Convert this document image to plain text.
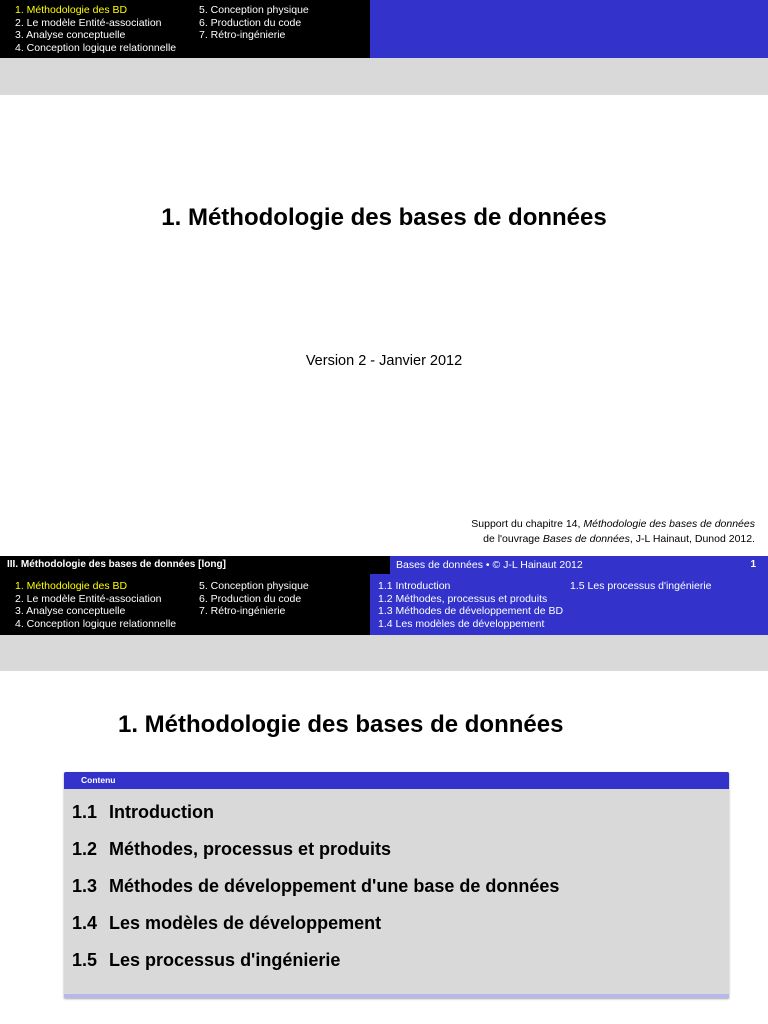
1. Méthodologie des BD
2. Le modèle Entité-association
3. Analyse conceptuelle
4. Conception logique relationnelle
5. Conception physique
6. Production du code
7. Rétro-ingénierie
1. Méthodologie des bases de données
Version 2 - Janvier 2012
Support du chapitre 14, Méthodologie des bases de données
de l'ouvrage Bases de données, J-L Hainaut, Dunod 2012.
III. Méthodologie des bases de données [long]	Bases de données • © J-L Hainaut 2012	1
1. Méthodologie des BD
2. Le modèle Entité-association
3. Analyse conceptuelle
4. Conception logique relationnelle
5. Conception physique
6. Production du code
7. Rétro-ingénierie
1.1 Introduction
1.2 Méthodes, processus et produits
1.3 Méthodes de développement de BD
1.4 Les modèles de développement
1.5 Les processus d'ingénierie
1. Méthodologie des bases de données
Contenu
1.1 Introduction
1.2 Méthodes, processus et produits
1.3 Méthodes de développement d'une base de données
1.4 Les modèles de développement
1.5 Les processus d'ingénierie
